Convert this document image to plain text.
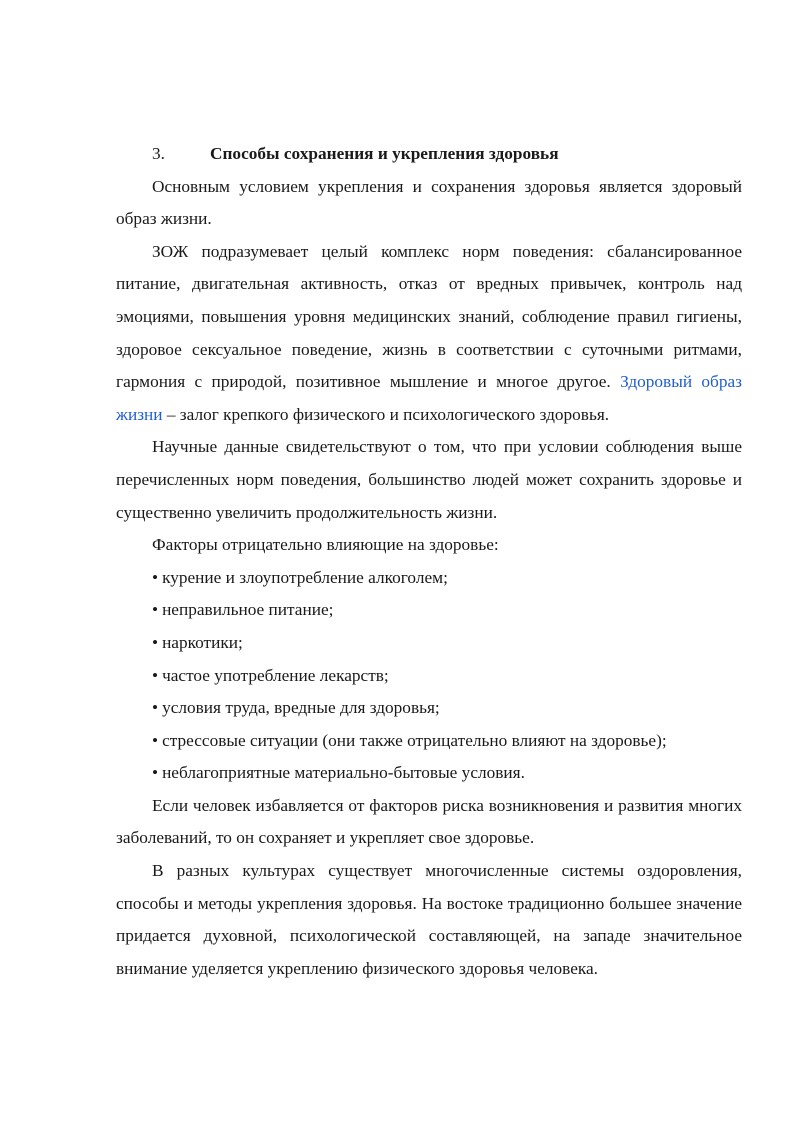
3.	Способы сохранения и укрепления здоровья

Основным условием укрепления и сохранения здоровья является здоровый образ жизни.

ЗОЖ подразумевает целый комплекс норм поведения: сбалансированное питание, двигательная активность, отказ от вредных привычек, контроль над эмоциями, повышения уровня медицинских знаний, соблюдение правил гигиены, здоровое сексуальное поведение, жизнь в соответствии с суточными ритмами, гармония с природой, позитивное мышление и многое другое. Здоровый образ жизни – залог крепкого физического и психологического здоровья.

Научные данные свидетельствуют о том, что при условии соблюдения выше перечисленных норм поведения, большинство людей может сохранить здоровье и существенно увеличить продолжительность жизни.

Факторы отрицательно влияющие на здоровье:

• курение и злоупотребление алкоголем;
• неправильное питание;
• наркотики;
• частое употребление лекарств;
• условия труда, вредные для здоровья;
• стрессовые ситуации (они также отрицательно влияют на здоровье);
• неблагоприятные материально-бытовые условия.

Если человек избавляется от факторов риска возникновения и развития многих заболеваний, то он сохраняет и укрепляет свое здоровье.

В разных культурах существует многочисленные системы оздоровления, способы и методы укрепления здоровья. На востоке традиционно большее значение придается духовной, психологической составляющей, на западе значительное внимание уделяется укреплению физического здоровья человека.
